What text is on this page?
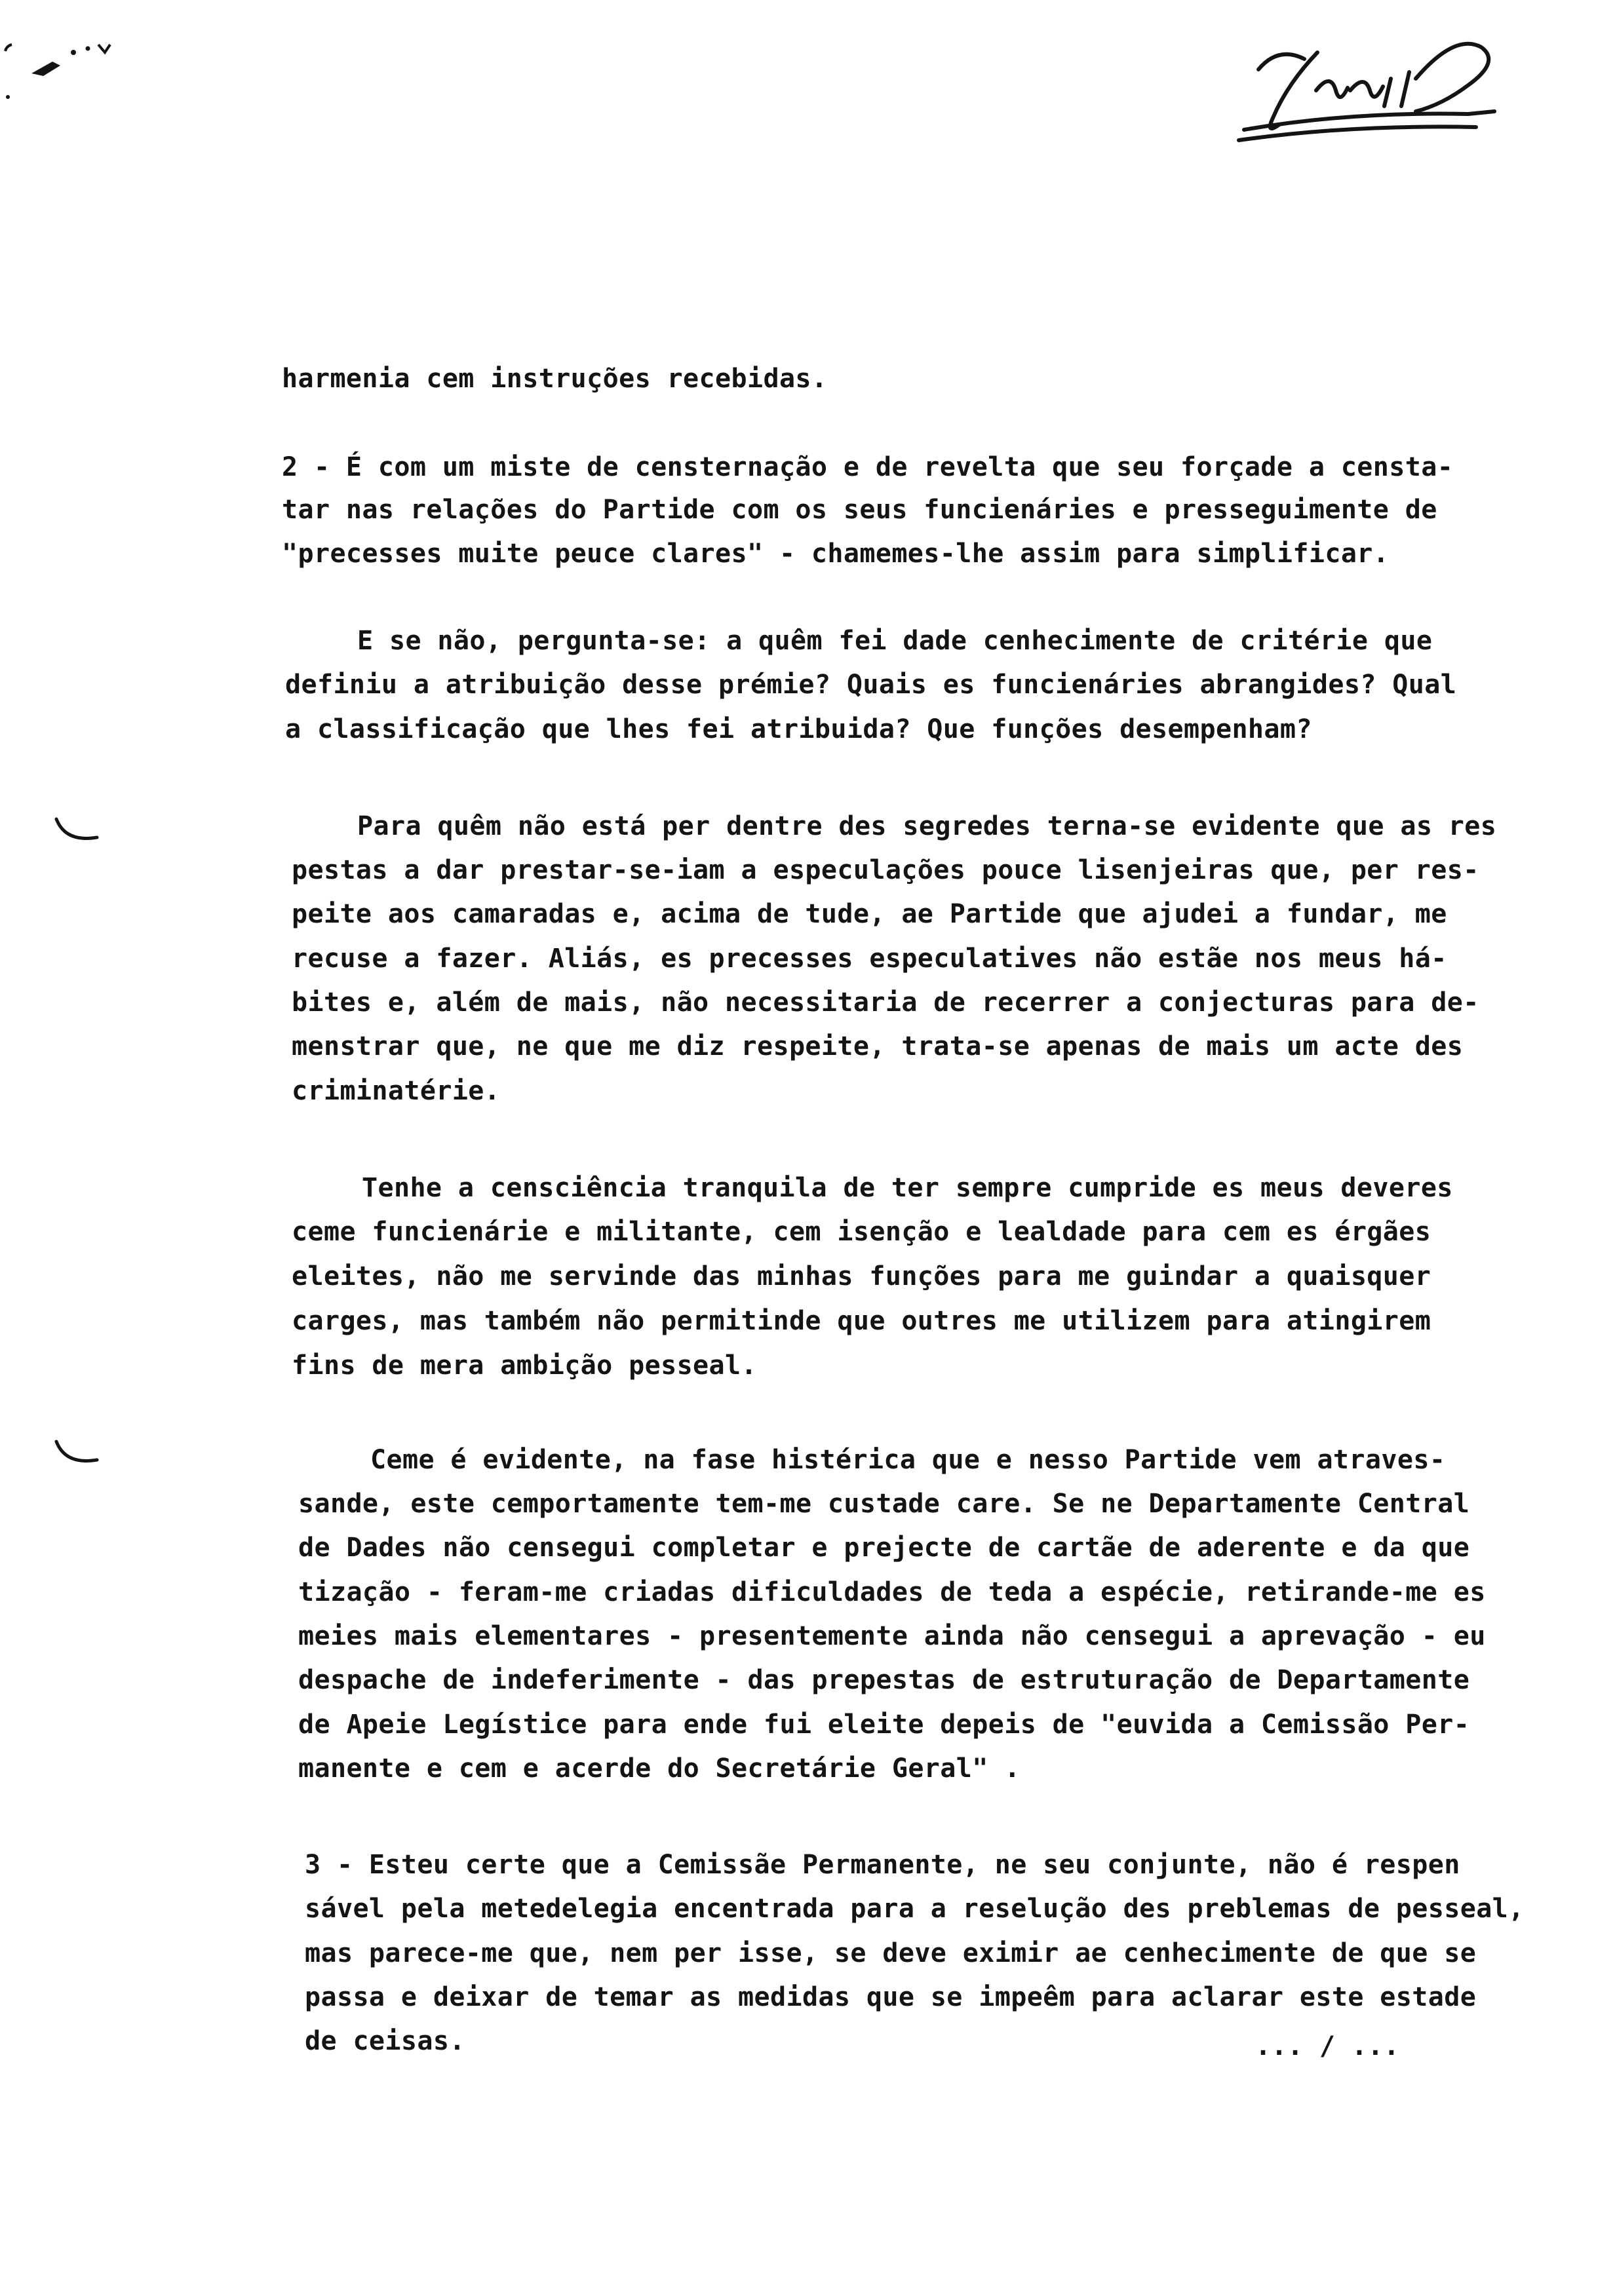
harmenia cem instruções recebidas.

2 - É com um miste de censternação e de revelta que seu forçade a censta-

tar nas relações do Partide com os seus funcienáries e presseguimente de

"precesses muite peuce clares" - chamemes-lhe assim para simplificar.

E se não, pergunta-se: a quêm fei dade cenhecimente de critérie que

definiu a atribuição desse prémie? Quais es funcienáries abrangides? Qual

a classificação que lhes fei atribuida? Que funções desempenham?

Para quêm não está per dentre des segredes terna-se evidente que as res

pestas a dar prestar-se-iam a especulações pouce lisenjeiras que, per res-

peite aos camaradas e, acima de tude, ae Partide que ajudei a fundar, me

recuse a fazer. Aliás, es precesses especulatives não estãe nos meus há-

bites e, além de mais, não necessitaria de recerrer a conjecturas para de-

menstrar que, ne que me diz respeite, trata-se apenas de mais um acte des

criminatérie.

Tenhe a censciência tranquila de ter sempre cumpride es meus deveres

ceme funcienárie e militante, cem isenção e lealdade para cem es érgães

eleites, não me servinde das minhas funções para me guindar a quaisquer

carges, mas também não permitinde que outres me utilizem para atingirem

fins de mera ambição pesseal.

Ceme é evidente, na fase histérica que e nesso Partide vem atraves-

sande, este cemportamente tem-me custade care. Se ne Departamente Central

de Dades não censegui completar e prejecte de cartãe de aderente e da que

tização - feram-me criadas dificuldades de teda a espécie, retirande-me es

meies mais elementares - presentemente ainda não censegui a aprevação - eu

despache de indeferimente - das prepestas de estruturação de Departamente

de Apeie Legístice para ende fui eleite depeis de "euvida a Cemissão Per-

manente e cem e acerde do Secretárie Geral" .

3 - Esteu certe que a Cemissãe Permanente, ne seu conjunte, não é respen

sável pela metedelegia encentrada para a reselução des preblemas de pesseal,

mas parece-me que, nem per isse, se deve eximir ae cenhecimente de que se

passa e deixar de temar as medidas que se impeêm para aclarar este estade

de ceisas.	... / ...
